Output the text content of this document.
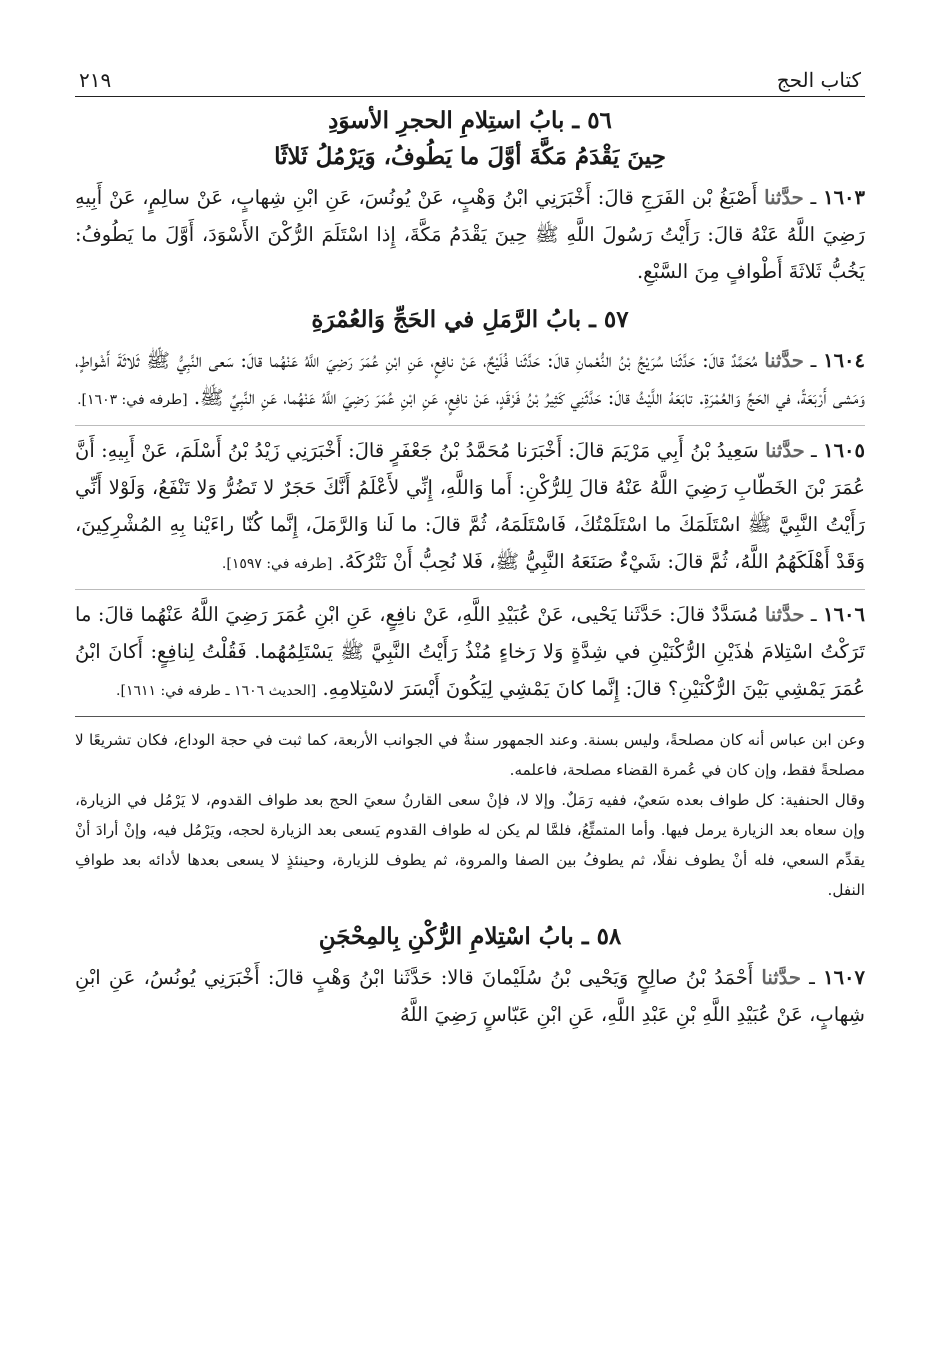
كتاب الحج
٢١٩
٥٦ ـ بابُ استِلامِ الحجرِ الأسوَدِ
حِينَ يَقْدَمُ مَكَّةَ أوَّلَ ما يَطُوفُ، وَيَرْمُلُ ثَلاثًا

١٦٠٣ ـ حدَّثنا أَصْبَغُ بْن الفَرَجِ قالَ: أَخْبَرَنِي ابْنُ وَهْبٍ، عَنْ يُونُسَ، عَنِ ابْنِ شِهابٍ، عَنْ سالِمٍ، عَنْ أَبِيهِ رَضِيَ اللَّهُ عَنْهُ قالَ: رَأَيْتُ رَسُولَ اللَّهِ ﷺ حِينَ يَقْدَمُ مَكَّةَ، إِذا اسْتَلَمَ الرُّكْنَ الأَسْوَدَ، أَوَّلَ ما يَطُوفُ: يَخُبُّ ثَلاثَةَ أَطْوافٍ مِنَ السَّبْعِ.

٥٧ ـ بابُ الرَّمَلِ في الحَجِّ وَالعُمْرَةِ

١٦٠٤ ـ حدَّثنا مُحَمَّدٌ قالَ: حَدَّثَنا سُرَيْجُ بْنُ النُّعْمانِ قالَ: حَدَّثَنا فُلَيْحٌ، عَنْ نافِعٍ، عَنِ ابْنِ عُمَرَ رَضِيَ اللَّهُ عَنْهُما قالَ: سَعى النَّبِيُّ ﷺ ثَلاثَةَ أَشْواطٍ، وَمَشى أَرْبَعَةً، في الحَجِّ وَالعُمْرَةِ. تابَعَهُ اللَّيْثُ قالَ: حَدَّثَنِي كَثِيرُ بْنُ فَرْقَدٍ، عَنْ نافِعٍ، عَنِ ابْنِ عُمَرَ رَضِيَ اللَّهُ عَنْهُما، عَنِ النَّبِيِّ ﷺ. [طرفه في: ١٦٠٣].

١٦٠٥ ـ حدَّثنا سَعِيدُ بْنُ أَبِي مَرْيَمَ قالَ: أَخْبَرَنا مُحَمَّدُ بْنُ جَعْفَرٍ قالَ: أَخْبَرَنِي زَيْدُ بْنُ أَسْلَمَ، عَنْ أَبِيهِ: أَنَّ عُمَرَ بْنَ الخَطّابِ رَضِيَ اللَّهُ عَنْهُ قالَ لِلرُّكْنِ: أَما وَاللَّهِ، إِنِّي لأَعْلَمُ أَنَّكَ حَجَرٌ لا تَضُرُّ وَلا تَنْفَعُ، وَلَوْلا أَنِّي رَأَيْتُ النَّبِيَّ ﷺ اسْتَلَمَكَ ما اسْتَلَمْتُكَ، فَاسْتَلَمَهُ، ثُمَّ قالَ: ما لَنا وَالرَّمَلَ، إِنَّما كُنّا راءَيْنا بِهِ المُشْرِكِينَ، وَقَدْ أَهْلَكَهُمُ اللَّهُ، ثُمَّ قالَ: شَيْءٌ صَنَعَهُ النَّبِيُّ ﷺ، فَلا نُحِبُّ أَنْ نَتْرُكَهُ. [طرفه في: ١٥٩٧].

١٦٠٦ ـ حدَّثنا مُسَدَّدٌ قالَ: حَدَّثَنا يَحْيى، عَنْ عُبَيْدِ اللَّهِ، عَنْ نافِعٍ، عَنِ ابْنِ عُمَرَ رَضِيَ اللَّهُ عَنْهُما قالَ: ما تَرَكْتُ اسْتِلامَ هٰذَيْنِ الرُّكْنَيْنِ في شِدَّةٍ وَلا رَخاءٍ مُنْذُ رَأَيْتُ النَّبِيَّ ﷺ يَسْتَلِمُهُما. فَقُلْتُ لِنافِعٍ: أَكانَ ابْنُ عُمَرَ يَمْشِي بَيْنَ الرُّكْنَيْنِ؟ قالَ: إِنَّما كانَ يَمْشِي لِيَكُونَ أَيْسَرَ لاسْتِلامِهِ. [الحديث ١٦٠٦ ـ طرفه في: ١٦١١].

وعن ابن عباس أنه كان مصلحةً، وليس بسنة. وعند الجمهور سنةٌ في الجوانب الأربعة، كما ثبت في حجة الوداع، فكان تشريعًا لا مصلحةً فقط، وإن كان في عُمرة القضاء مصلحة، فاعلمه.

وقال الحنفية: كل طواف بعده سَعيٌ، ففيه رَمَلٌ. وإلا لا، فإنْ سعى القارنُ سعيَ الحج بعد طواف القدوم، لا يَرْمُل في الزيارة، وإن سعاه بعد الزيارة يرمل فيها. وأما المتمتِّعُ، فلمَّا لم يكن له طواف القدوم يَسعى بعد الزيارة لحجه، ويَرْمُل فيه، وإنْ أرادَ أنْ يقدِّم السعي، فله أنْ يطوف نفلًا، ثم يطوفُ بين الصفا والمروة، ثم يطوف للزيارة، وحينئذٍ لا يسعى بعدها لأدائه بعد طوافِ النفل.

٥٨ ـ بابُ اسْتِلامِ الرُّكْنِ بِالمِحْجَنِ

١٦٠٧ ـ حدَّثنا أَحْمَدُ بْنُ صالِحٍ وَيَحْيى بْنُ سُلَيْمانَ قالا: حَدَّثَنا ابْنُ وَهْبٍ قالَ: أَخْبَرَنِي يُونُسُ، عَنِ ابْنِ شِهابٍ، عَنْ عُبَيْدِ اللَّهِ بْنِ عَبْدِ اللَّهِ، عَنِ ابْنِ عَبّاسٍ رَضِيَ اللَّهُ
